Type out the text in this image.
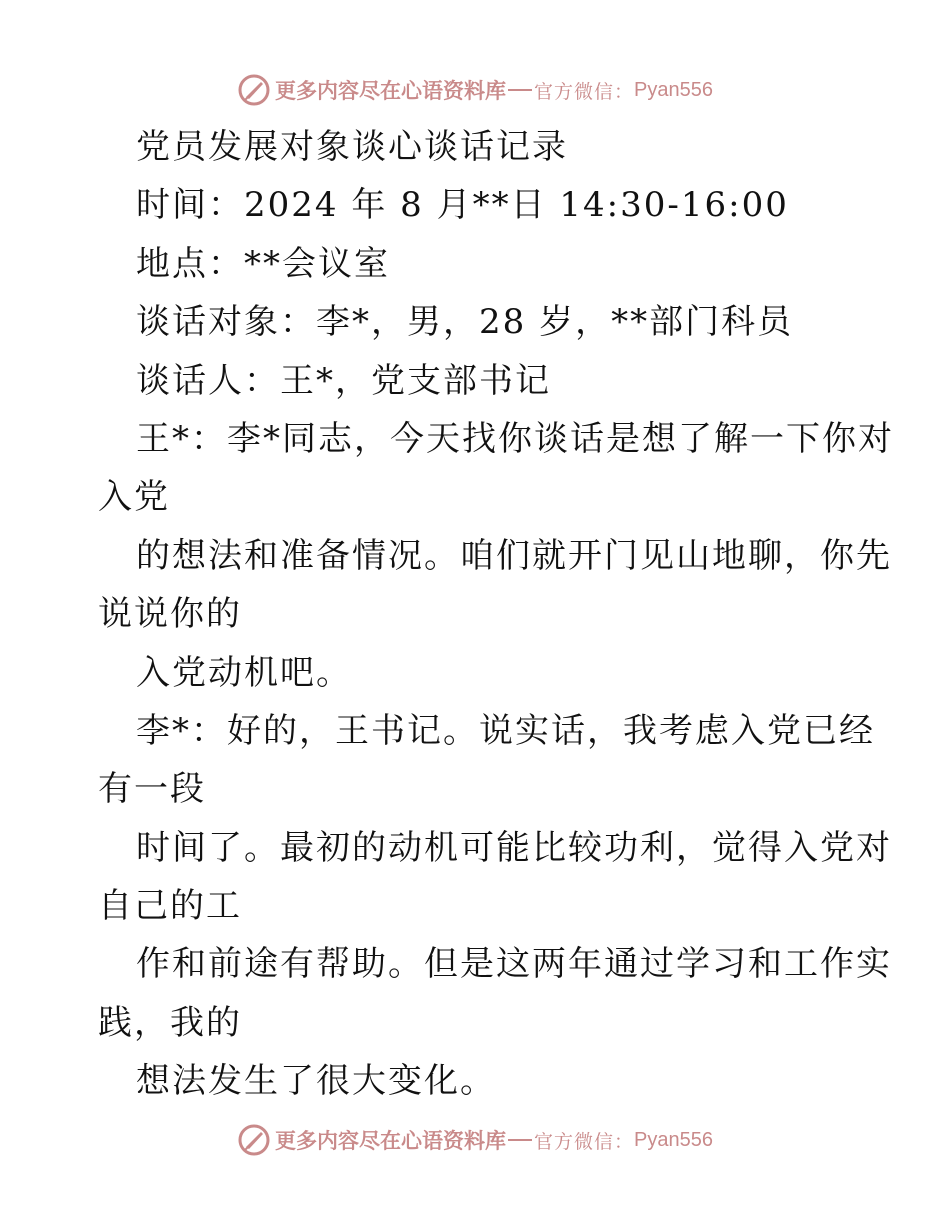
更多内容尽在心语资料库 官方微信： Pyan556
党员发展对象谈心谈话记录
时间：2024 年 8 月**日 14:30-16:00
地点：**会议室
谈话对象：李*，男，28 岁，**部门科员
谈话人：王*，党支部书记
王*：李*同志，今天找你谈话是想了解一下你对
入党
的想法和准备情况。咱们就开门见山地聊，你先
说说你的
入党动机吧。
李*：好的，王书记。说实话，我考虑入党已经
有一段
时间了。最初的动机可能比较功利，觉得入党对
自己的工
作和前途有帮助。但是这两年通过学习和工作实
践，我的
想法发生了很大变化。
更多内容尽在心语资料库 官方微信： Pyan556
